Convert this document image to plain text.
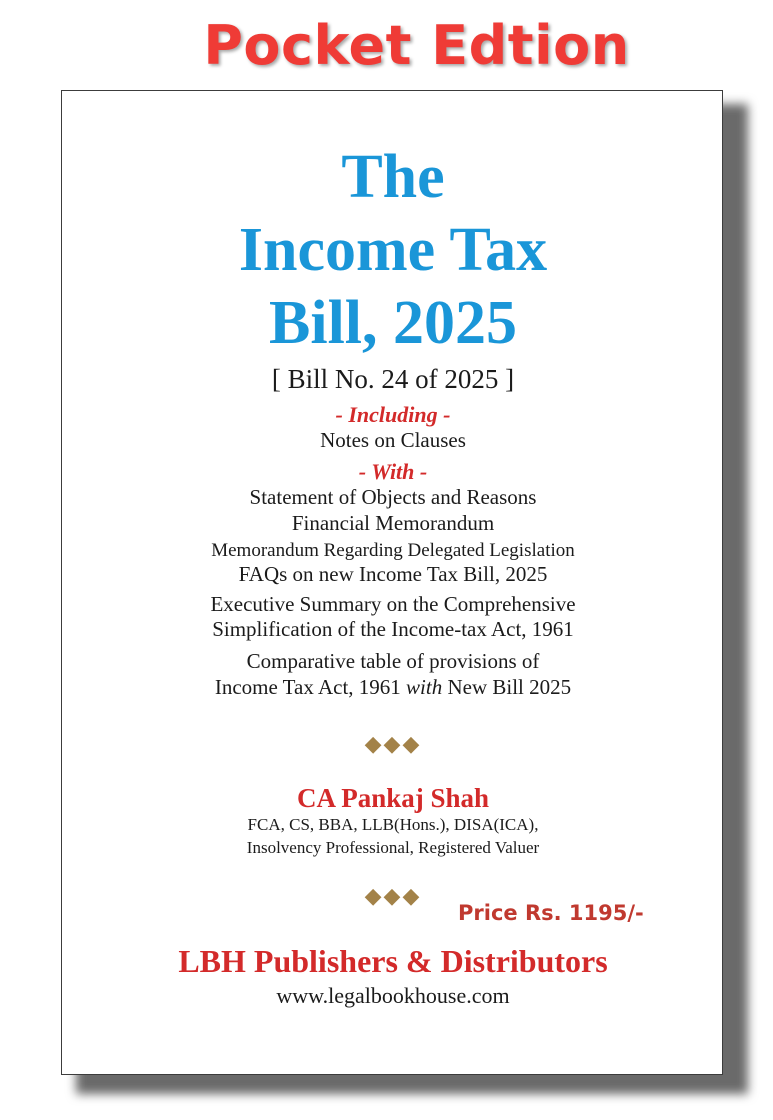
Pocket Edtion
The
Income Tax
Bill, 2025
[ Bill No. 24 of 2025 ]
- Including -
Notes on Clauses
- With -
Statement of Objects and Reasons
Financial Memorandum
Memorandum Regarding Delegated Legislation
FAQs on new Income Tax Bill, 2025
Executive Summary on the Comprehensive
Simplification of the Income-tax Act, 1961
Comparative table of provisions of
Income Tax Act, 1961 with New Bill 2025
◆◆◆
CA Pankaj Shah
FCA, CS, BBA, LLB(Hons.), DISA(ICA),
Insolvency Professional, Registered Valuer
◆◆◆
Price Rs. 1195/-
LBH Publishers & Distributors
www.legalbookhouse.com
